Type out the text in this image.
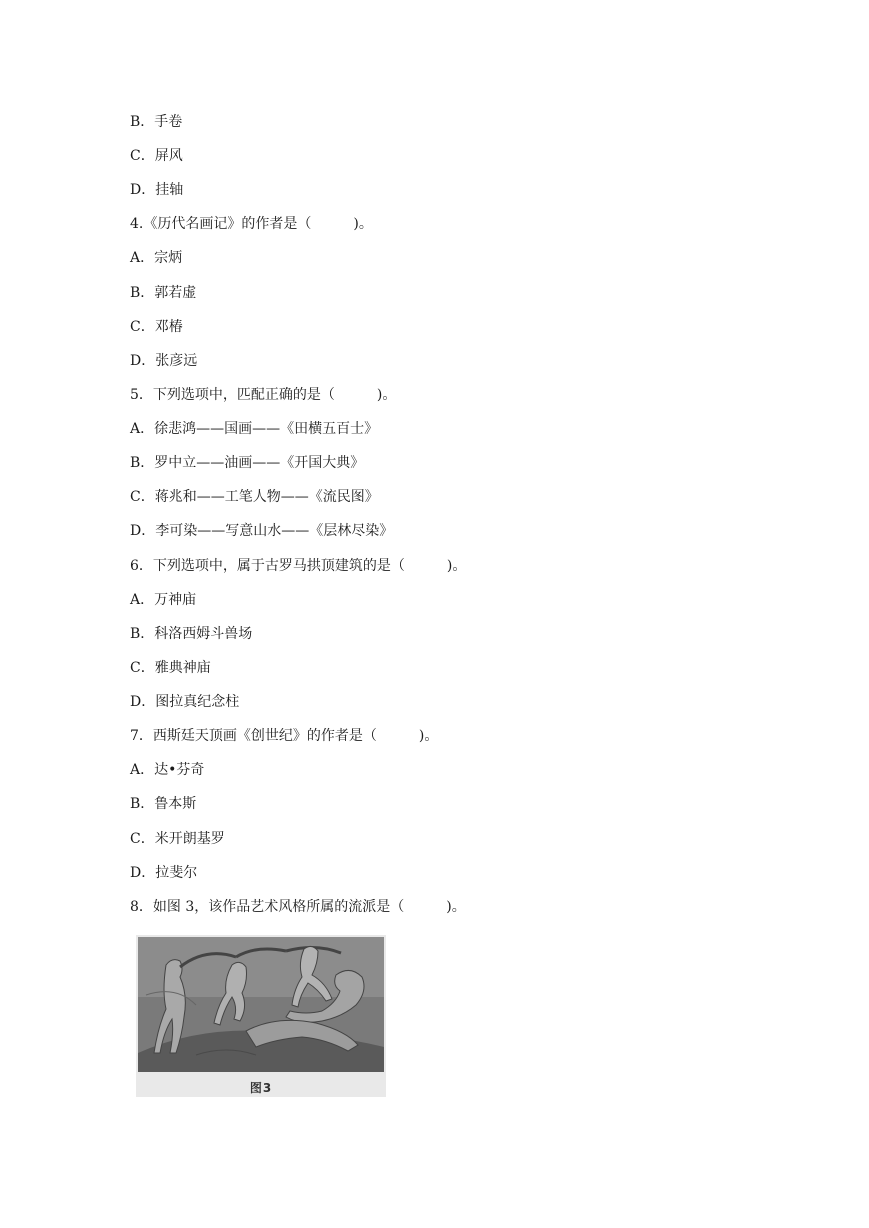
B．手卷
C．屏风
D．挂轴
4.《历代名画记》的作者是（　　　)。
A．宗炳
B．郭若虚
C．邓椿
D．张彦远
5．下列选项中，匹配正确的是（　　　)。
A．徐悲鸿——国画——《田横五百士》
B．罗中立——油画——《开国大典》
C．蒋兆和——工笔人物——《流民图》
D．李可染——写意山水——《层林尽染》
6．下列选项中，属于古罗马拱顶建筑的是（　　　)。
A．万神庙
B．科洛西姆斗兽场
C．雅典神庙
D．图拉真纪念柱
7．西斯廷天顶画《创世纪》的作者是（　　　)。
A．达•芬奇
B．鲁本斯
C．米开朗基罗
D．拉斐尔
8．如图 3，该作品艺术风格所属的流派是（　　　)。
图3
